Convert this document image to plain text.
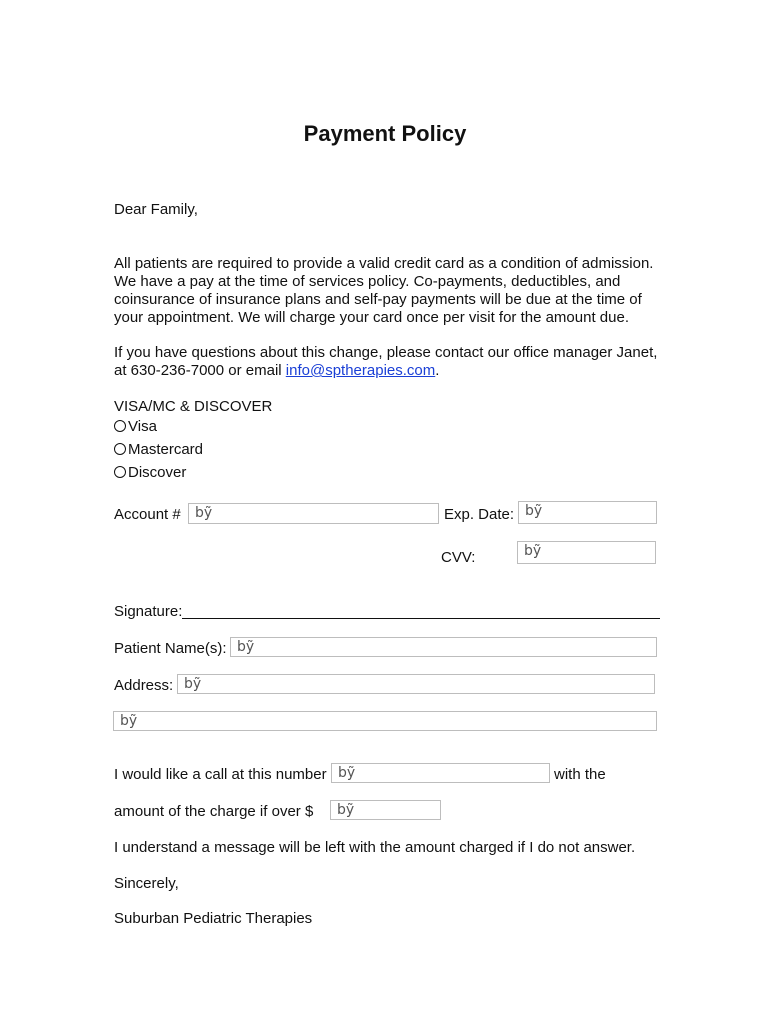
Payment Policy
Dear Family,
All patients are required to provide a valid credit card as a condition of admission. We have a pay at the time of services policy. Co-payments, deductibles, and coinsurance of insurance plans and self-pay payments will be due at the time of your appointment. We will charge your card once per visit for the amount due.
If you have questions about this change, please contact our office manager Janet, at 630-236-7000 or email info@sptherapies.com.
VISA/MC & DISCOVER
Visa
Mastercard
Discover
Account #	bỹ	Exp. Date: bỹ
CVV:	bỹ
Signature:
Patient Name(s): bỹ
Address: bỹ
bỹ
I would like a call at this number bỹ	with the
amount of the charge if over $	bỹ
I understand a message will be left with the amount charged if I do not answer.
Sincerely,
Suburban Pediatric Therapies
